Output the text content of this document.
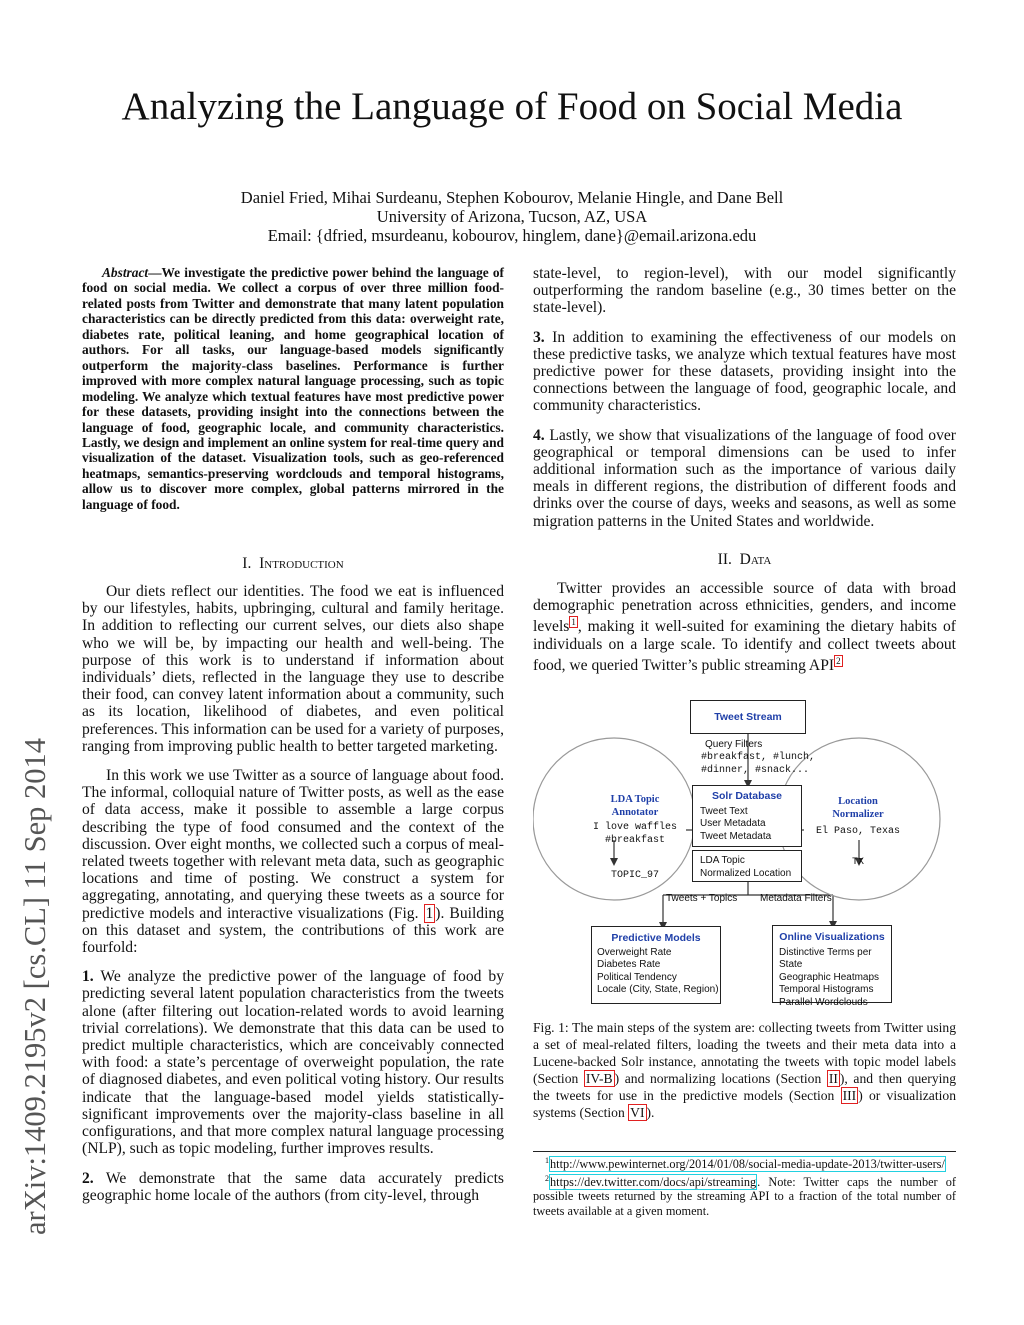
Analyzing the Language of Food on Social Media
Daniel Fried, Mihai Surdeanu, Stephen Kobourov, Melanie Hingle, and Dane Bell
University of Arizona, Tucson, AZ, USA
Email: {dfried, msurdeanu, kobourov, hinglem, dane}@email.arizona.edu
arXiv:1409.2195v2 [cs.CL] 11 Sep 2014
Abstract—We investigate the predictive power behind the language of food on social media. We collect a corpus of over three million food-related posts from Twitter and demonstrate that many latent population characteristics can be directly predicted from this data: overweight rate, diabetes rate, political leaning, and home geographical location of authors. For all tasks, our language-based models significantly outperform the majority-class baselines. Performance is further improved with more complex natural language processing, such as topic modeling. We analyze which textual features have most predictive power for these datasets, providing insight into the connections between the language of food, geographic locale, and community characteristics. Lastly, we design and implement an online system for real-time query and visualization of the dataset. Visualization tools, such as geo-referenced heatmaps, semantics-preserving wordclouds and temporal histograms, allow us to discover more complex, global patterns mirrored in the language of food.
I. Introduction

Our diets reflect our identities. The food we eat is influenced by our lifestyles, habits, upbringing, cultural and family heritage. In addition to reflecting our current selves, our diets also shape who we will be, by impacting our health and well-being. The purpose of this work is to understand if information about individuals’ diets, reflected in the language they use to describe their food, can convey latent information about a community, such as its location, likelihood of diabetes, and even political preferences. This information can be used for a variety of purposes, ranging from improving public health to better targeted marketing.

In this work we use Twitter as a source of language about food. The informal, colloquial nature of Twitter posts, as well as the ease of data access, make it possible to assemble a large corpus describing the type of food consumed and the context of the discussion. Over eight months, we collected such a corpus of meal-related tweets together with relevant meta data, such as geographic locations and time of posting. We construct a system for aggregating, annotating, and querying these tweets as a source for predictive models and interactive visualizations (Fig. 1 ). Building on this dataset and system, the contributions of this work are fourfold:

1. We analyze the predictive power of the language of food by predicting several latent population characteristics from the tweets alone (after filtering out location-related words to avoid learning trivial correlations). We demonstrate that this data can be used to predict multiple characteristics, which are conceivably connected with food: a state’s percentage of overweight population, the rate of diagnosed diabetes, and even political voting history. Our results indicate that the language-based model yields statistically-significant improvements over the majority-class baseline in all configurations, and that more complex natural language processing (NLP), such as topic modeling, further improves results.

2. We demonstrate that the same data accurately predicts geographic home locale of the authors (from city-level, through

state-level, to region-level), with our model significantly outperforming the random baseline (e.g., 30 times better on the state-level).

3. In addition to examining the effectiveness of our models on these predictive tasks, we analyze which textual features have most predictive power for these datasets, providing insight into the connections between the language of food, geographic locale, and community characteristics.

4. Lastly, we show that visualizations of the language of food over geographical or temporal dimensions can be used to infer additional information such as the importance of various daily meals in different regions, the distribution of different foods and drinks over the course of days, weeks and seasons, as well as some migration patterns in the United States and worldwide.

II. Data

Twitter provides an accessible source of data with broad demographic penetration across ethnicities, genders, and income levels $^1$ , making it well-suited for examining the dietary habits of individuals on a large scale. To identify and collect tweets about food, we queried Twitter’s public streaming API $^2$

Tweet Stream
Query Filters
#breakfast, #lunch,
#dinner, #snack...
LDA Topic
Annotator
I love waffles
#breakfast
TOPIC_97
Solr Database
Tweet Text
User Metadata
Tweet Metadata
LDA Topic
Normalized Location
Location
Normalizer
El Paso, Texas
TX
Tweets + Topics Metadata Filters
Predictive Models
Overweight Rate
Diabetes Rate
Political Tendency
Locale (City, State, Region)
Online Visualizations
Distinctive Terms per State
Geographic Heatmaps
Temporal Histograms
Parallel Wordclouds
Fig. 1: The main steps of the system are: collecting tweets from Twitter using a set of meal-related filters, loading the tweets and their meta data into a Lucene-backed Solr instance, annotating the tweets with topic model labels (Section IV-B ) and normalizing locations (Section II ), and then querying the tweets for use in the predictive models (Section III ) or visualization systems (Section VI ).
$^1$http://www.pewinternet.org/2014/01/08/social-media-update-2013/twitter-users/
$^2$https://dev.twitter.com/docs/api/streaming. Note: Twitter caps the number of possible tweets returned by the streaming API to a fraction of the total number of tweets available at a given moment.
